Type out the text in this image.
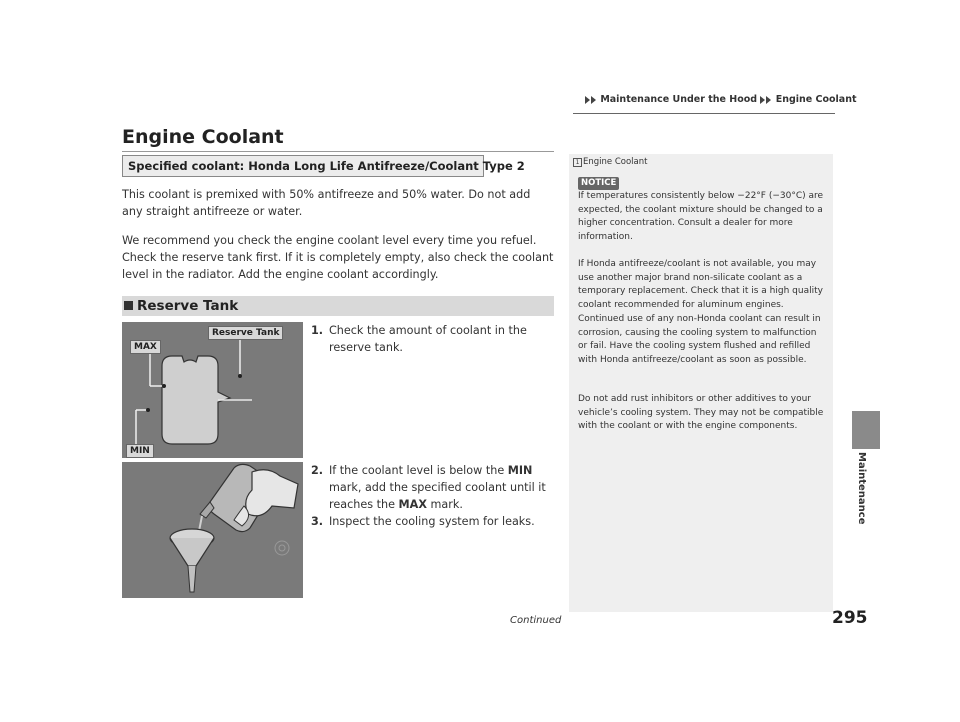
Maintenance Under the Hood Engine Coolant
Maintenance
Engine Coolant
Specified coolant: Honda Long Life Antifreeze/Coolant Type 2
This coolant is premixed with 50% antifreeze and 50% water. Do not add any straight antifreeze or water.
We recommend you check the engine coolant level every time you refuel. Check the reserve tank first. If it is completely empty, also check the coolant level in the radiator. Add the engine coolant accordingly.
Reserve Tank
Reserve Tank
MAX
MIN
1. Check the amount of coolant in the reserve tank.
2. If the coolant level is below the MIN mark, add the specified coolant until it reaches the MAX mark.
3. Inspect the cooling system for leaks.
1 Engine Coolant
NOTICE
If temperatures consistently below −22°F (−30°C) are expected, the coolant mixture should be changed to a higher concentration. Consult a dealer for more information.
If Honda antifreeze/coolant is not available, you may use another major brand non-silicate coolant as a temporary replacement. Check that it is a high quality coolant recommended for aluminum engines. Continued use of any non-Honda coolant can result in corrosion, causing the cooling system to malfunction or fail. Have the cooling system flushed and refilled with Honda antifreeze/coolant as soon as possible.
Do not add rust inhibitors or other additives to your vehicle’s cooling system. They may not be compatible with the coolant or with the engine components.
Continued	295
